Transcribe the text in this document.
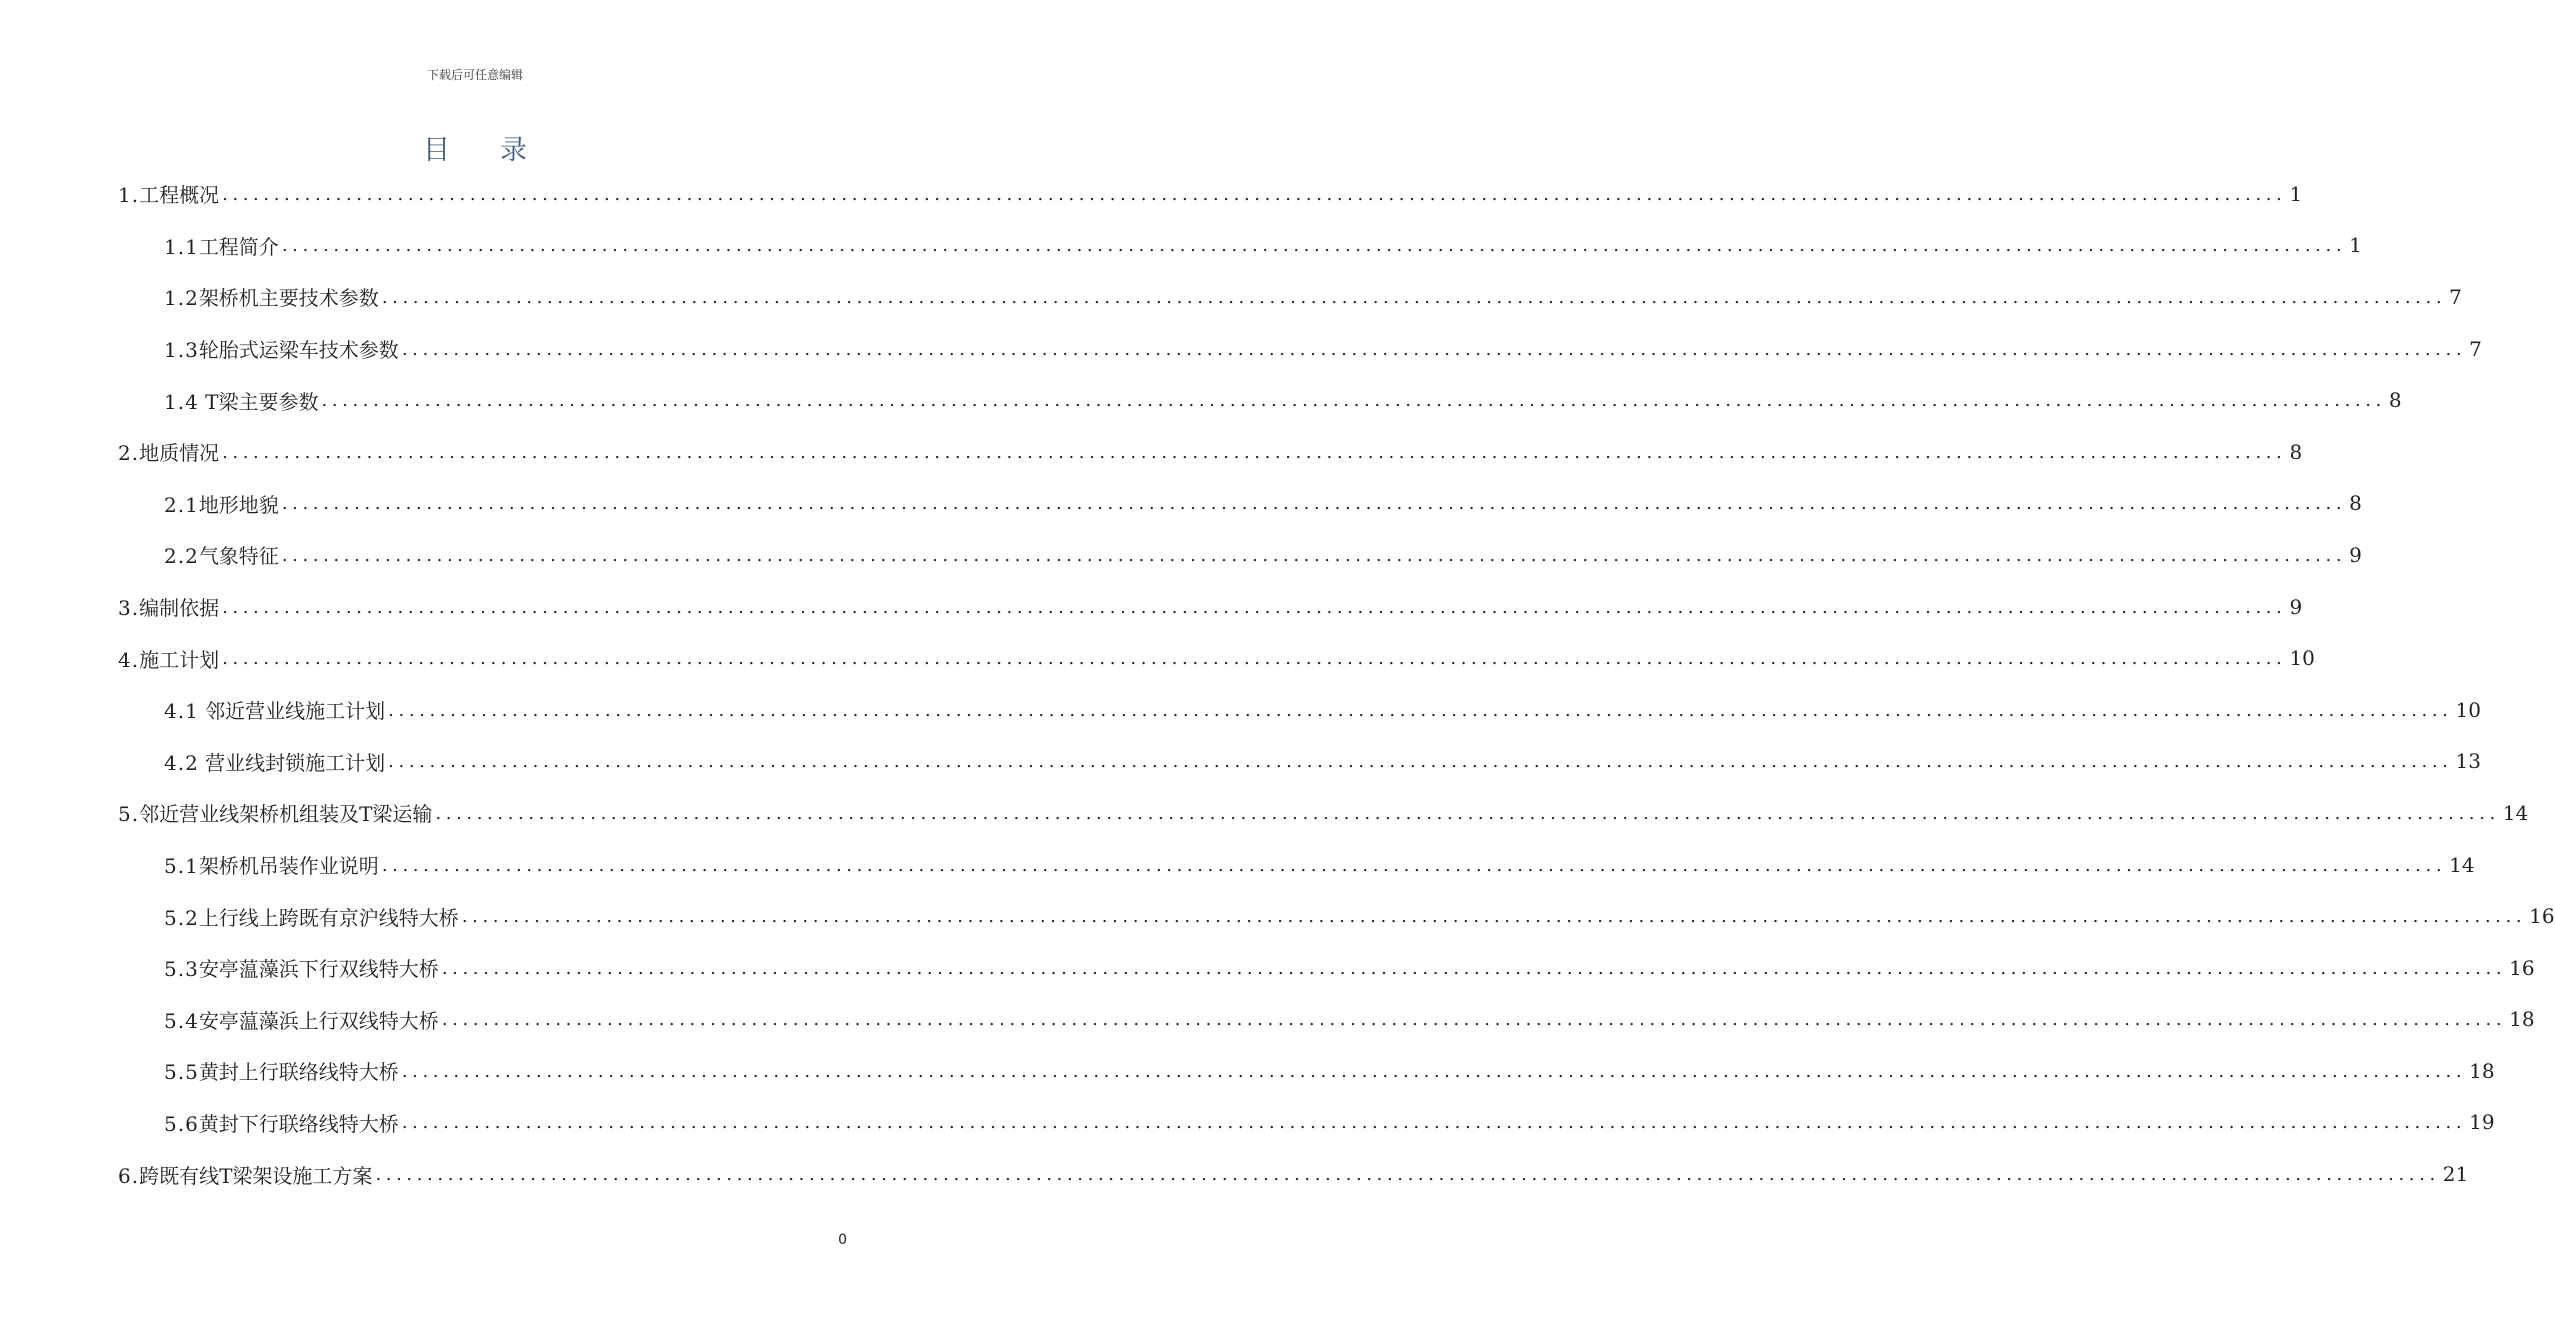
下载后可任意编辑
目录
1.工程概况 ........................................................................................................................................................................................................ 1
1.1工程简介 ........................................................................................................................................................................................................ 1
1.2架桥机主要技术参数 ........................................................................................................................................................................................................ 7
1.3轮胎式运梁车技术参数 ........................................................................................................................................................................................................ 7
1.4 T梁主要参数 ........................................................................................................................................................................................................ 8
2.地质情况 ........................................................................................................................................................................................................ 8
2.1地形地貌 ........................................................................................................................................................................................................ 8
2.2气象特征 ........................................................................................................................................................................................................ 9
3.编制依据 ........................................................................................................................................................................................................ 9
4.施工计划 ........................................................................................................................................................................................................ 10
4.1 邻近营业线施工计划 ........................................................................................................................................................................................................ 10
4.2 营业线封锁施工计划 ........................................................................................................................................................................................................ 13
5.邻近营业线架桥机组装及T梁运输 ........................................................................................................................................................................................................ 14
5.1架桥机吊装作业说明 ........................................................................................................................................................................................................ 14
5.2上行线上跨既有京沪线特大桥 ........................................................................................................................................................................................................ 16
5.3安亭蕰藻浜下行双线特大桥 ........................................................................................................................................................................................................ 16
5.4安亭蕰藻浜上行双线特大桥 ........................................................................................................................................................................................................ 18
5.5黄封上行联络线特大桥 ........................................................................................................................................................................................................ 18
5.6黄封下行联络线特大桥 ........................................................................................................................................................................................................ 19
6.跨既有线T梁架设施工方案 ........................................................................................................................................................................................................ 21
0
